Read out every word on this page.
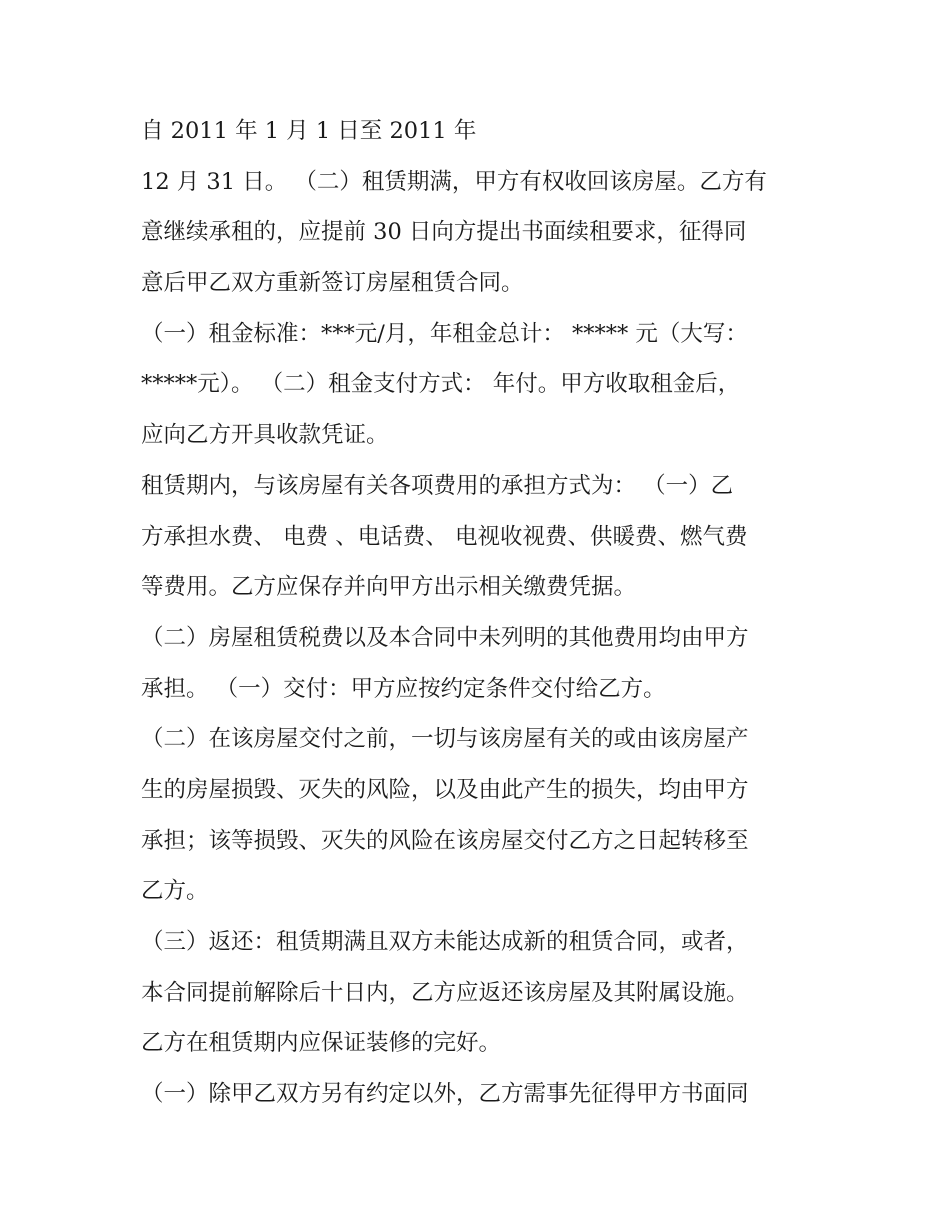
自 2011 年 1 月 1 日至 2011 年
12 月 31 日。 （二）租赁期满，甲方有权收回该房屋。乙方有
意继续承租的，应提前 30 日向方提出书面续租要求，征得同
意后甲乙双方重新签订房屋租赁合同。
（一）租金标准：***元/月，年租金总计： ***** 元（大写：
*****元）。 （二）租金支付方式： 年付。甲方收取租金后，
应向乙方开具收款凭证。
租赁期内，与该房屋有关各项费用的承担方式为： （一）乙
方承担水费、 电费 、电话费、 电视收视费、供暖费、燃气费
等费用。乙方应保存并向甲方出示相关缴费凭据。
（二）房屋租赁税费以及本合同中未列明的其他费用均由甲方
承担。 （一）交付：甲方应按约定条件交付给乙方。
（二）在该房屋交付之前，一切与该房屋有关的或由该房屋产
生的房屋损毁、灭失的风险，以及由此产生的损失，均由甲方
承担；该等损毁、灭失的风险在该房屋交付乙方之日起转移至
乙方。
（三）返还：租赁期满且双方未能达成新的租赁合同，或者，
本合同提前解除后十日内，乙方应返还该房屋及其附属设施。
乙方在租赁期内应保证装修的完好。
（一）除甲乙双方另有约定以外，乙方需事先征得甲方书面同
